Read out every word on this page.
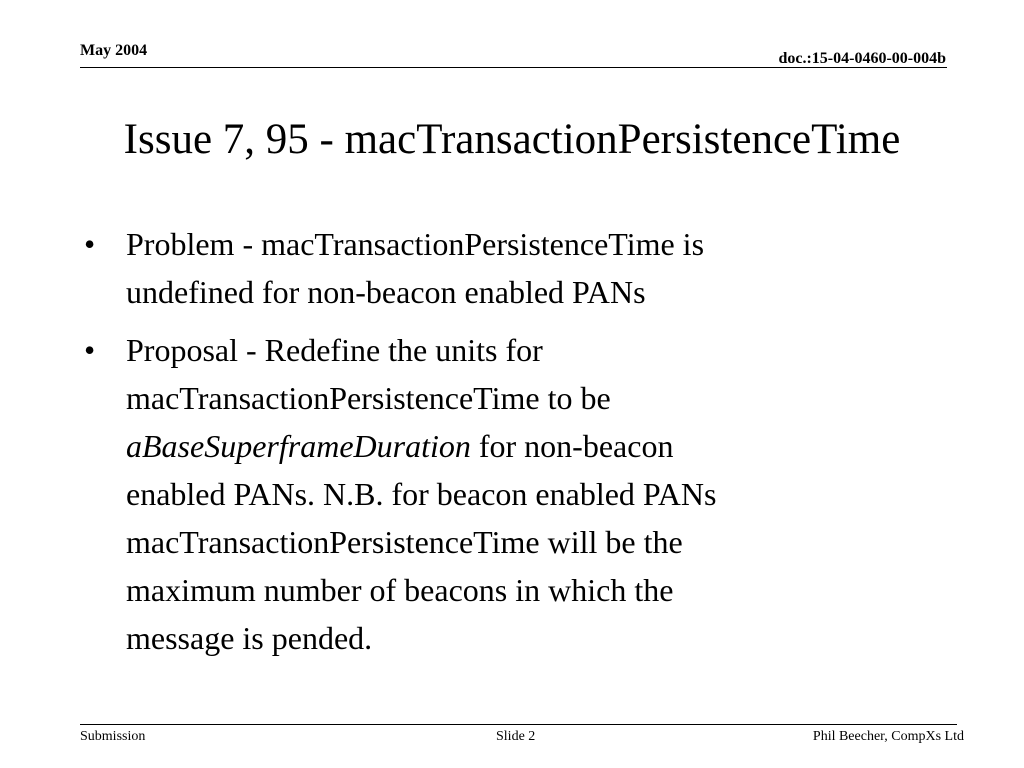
May 2004	doc.:15-04-0460-00-004b
Issue 7, 95 - macTransactionPersistenceTime
• Problem - macTransactionPersistenceTime is
undefined for non-beacon enabled PANs
• Proposal - Redefine the units for
macTransactionPersistenceTime to be
aBaseSuperframeDuration for non-beacon
enabled PANs. N.B. for beacon enabled PANs
macTransactionPersistenceTime will be the
maximum number of beacons in which the
message is pended.
Submission	Slide 2	Phil Beecher, CompXs Ltd
